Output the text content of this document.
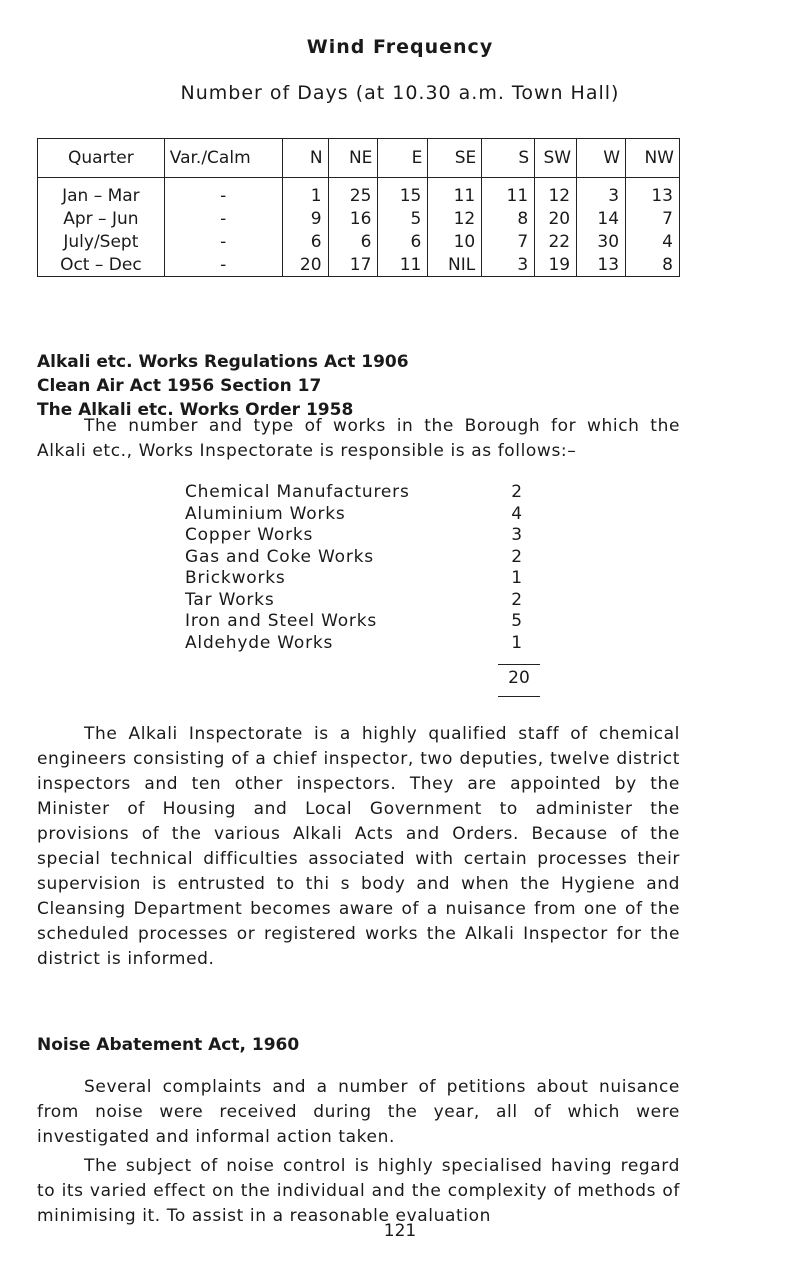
Wind Frequency
Number of Days (at 10.30 a.m. Town Hall)
Quarter	Var./Calm	N	NE	E	SE	S	SW	W	NW
Jan – Mar	-	1	25	15	11	11	12	3	13
Apr – Jun	-	9	16	5	12	8	20	14	7
July/Sept	-	6	6	6	10	7	22	30	4
Oct – Dec	-	20	17	11	NIL	3	19	13	8
Alkali etc. Works Regulations Act 1906
Clean Air Act 1956 Section 17
The Alkali etc. Works Order 1958
The number and type of works in the Borough for which the Alkali etc., Works Inspectorate is responsible is as follows:–
Chemical Manufacturers	2
Aluminium Works	4
Copper Works	3
Gas and Coke Works	2
Brickworks	1
Tar Works	2
Iron and Steel Works	5
Aldehyde Works	1
20
The Alkali Inspectorate is a highly qualified staff of chemical engineers consisting of a chief inspector, two deputies, twelve district inspectors and ten other inspectors. They are appointed by the Minister of Housing and Local Government to administer the provisions of the various Alkali Acts and Orders. Because of the special technical difficulties associated with certain processes their supervision is entrusted to thi s body and when the Hygiene and Cleansing Department becomes aware of a nuisance from one of the scheduled processes or registered works the Alkali Inspector for the district is informed.
Noise Abatement Act, 1960
Several complaints and a number of petitions about nuisance from noise were received during the year, all of which were investigated and informal action taken.
The subject of noise control is highly specialised having regard to its varied effect on the individual and the complexity of methods of minimising it. To assist in a reasonable evaluation
121
